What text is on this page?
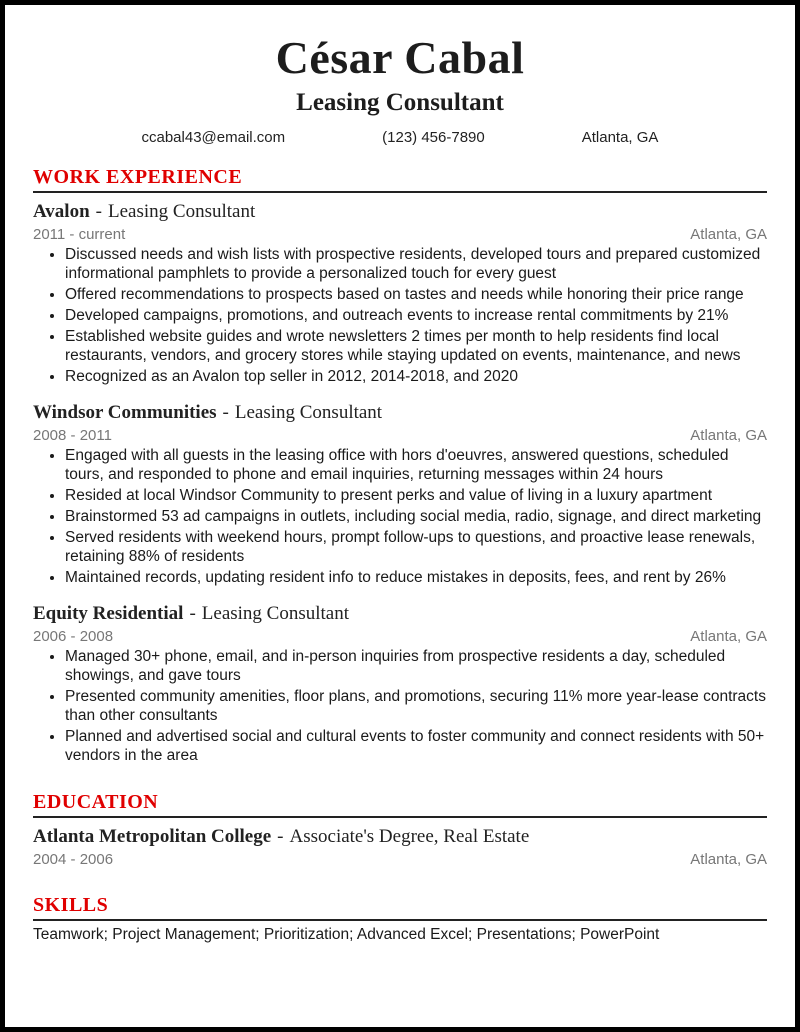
César Cabal
Leasing Consultant
ccabal43@email.com	(123) 456-7890	Atlanta, GA
WORK EXPERIENCE
Avalon - Leasing Consultant
2011 - current	Atlanta, GA
• Discussed needs and wish lists with prospective residents, developed tours and prepared customized informational pamphlets to provide a personalized touch for every guest
• Offered recommendations to prospects based on tastes and needs while honoring their price range
• Developed campaigns, promotions, and outreach events to increase rental commitments by 21%
• Established website guides and wrote newsletters 2 times per month to help residents find local restaurants, vendors, and grocery stores while staying updated on events, maintenance, and news
• Recognized as an Avalon top seller in 2012, 2014-2018, and 2020
Windsor Communities - Leasing Consultant
2008 - 2011	Atlanta, GA
• Engaged with all guests in the leasing office with hors d'oeuvres, answered questions, scheduled tours, and responded to phone and email inquiries, returning messages within 24 hours
• Resided at local Windsor Community to present perks and value of living in a luxury apartment
• Brainstormed 53 ad campaigns in outlets, including social media, radio, signage, and direct marketing
• Served residents with weekend hours, prompt follow-ups to questions, and proactive lease renewals, retaining 88% of residents
• Maintained records, updating resident info to reduce mistakes in deposits, fees, and rent by 26%
Equity Residential - Leasing Consultant
2006 - 2008	Atlanta, GA
• Managed 30+ phone, email, and in-person inquiries from prospective residents a day, scheduled showings, and gave tours
• Presented community amenities, floor plans, and promotions, securing 11% more year-lease contracts than other consultants
• Planned and advertised social and cultural events to foster community and connect residents with 50+ vendors in the area
EDUCATION
Atlanta Metropolitan College - Associate's Degree, Real Estate
2004 - 2006	Atlanta, GA
SKILLS
Teamwork; Project Management; Prioritization; Advanced Excel; Presentations; PowerPoint
